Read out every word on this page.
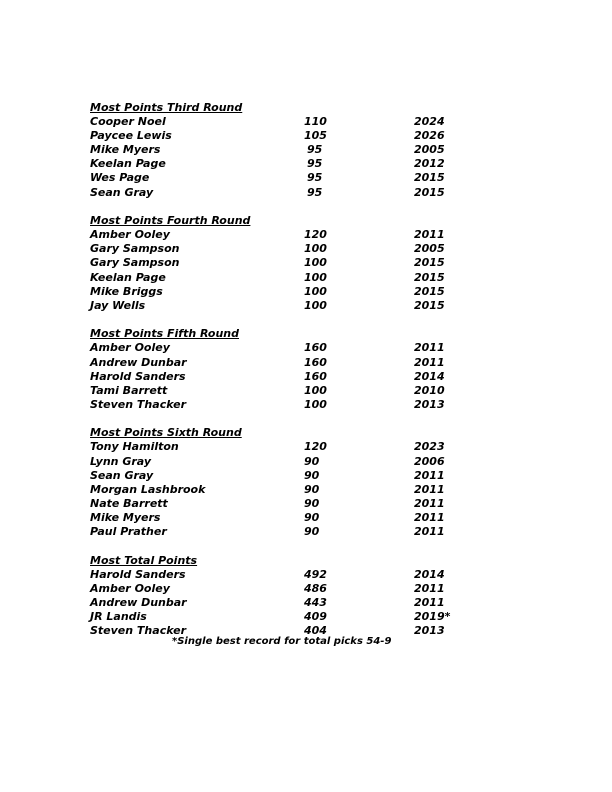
Most Points Third Round
Cooper Noel	110	2024
Paycee Lewis	105	2026
Mike Myers	95	2005
Keelan Page	95	2012
Wes Page	95	2015
Sean Gray	95	2015
Most Points Fourth Round
Amber Ooley	120	2011
Gary Sampson	100	2005
Gary Sampson	100	2015
Keelan Page	100	2015
Mike Briggs	100	2015
Jay Wells	100	2015
Most Points Fifth Round
Amber Ooley	160	2011
Andrew Dunbar	160	2011
Harold Sanders	160	2014
Tami Barrett	100	2010
Steven Thacker	100	2013
Most Points Sixth Round
Tony Hamilton	120	2023
Lynn Gray	90	2006
Sean Gray	90	2011
Morgan Lashbrook	90	2011
Nate Barrett	90	2011
Mike Myers	90	2011
Paul Prather	90	2011
Most Total Points
Harold Sanders	492	2014
Amber Ooley	486	2011
Andrew Dunbar	443	2011
JR Landis	409	2019*
Steven Thacker	404	2013
*Single best record for total picks 54-9
